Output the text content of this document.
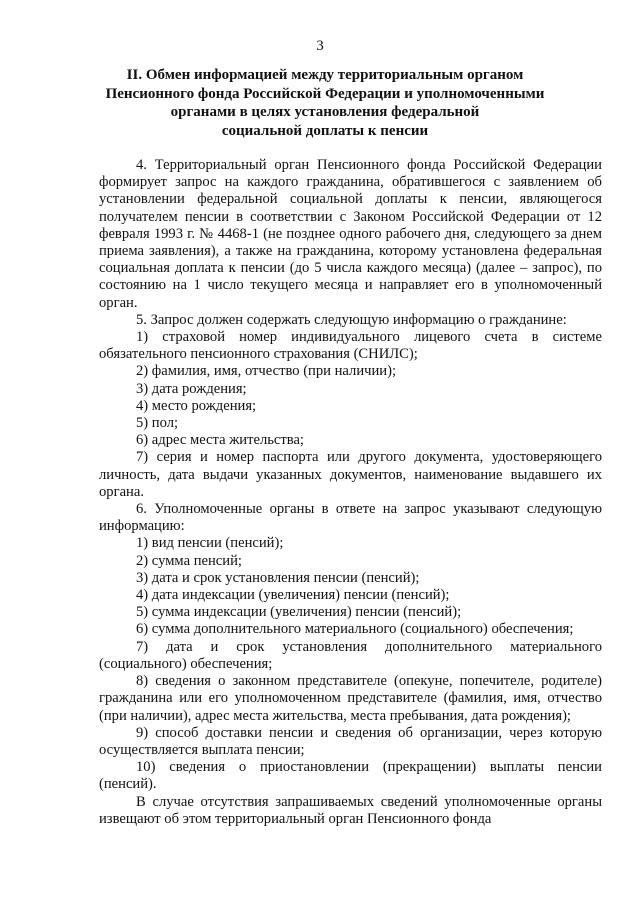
3
II. Обмен информацией между территориальным органом
Пенсионного фонда Российской Федерации и уполномоченными
органами в целях установления федеральной
социальной доплаты к пенсии

4. Территориальный орган Пенсионного фонда Российской Федерации формирует запрос на каждого гражданина, обратившегося с заявлением об установлении федеральной социальной доплаты к пенсии, являющегося получателем пенсии в соответствии с Законом Российской Федерации от 12 февраля 1993 г. № 4468-1 (не позднее одного рабочего дня, следующего за днем приема заявления), а также на гражданина, которому установлена федеральная социальная доплата к пенсии (до 5 числа каждого месяца) (далее – запрос), по состоянию на 1 число текущего месяца и направляет его в уполномоченный орган.

5. Запрос должен содержать следующую информацию о гражданине:

1) страховой номер индивидуального лицевого счета в системе обязательного пенсионного страхования (СНИЛС);

2) фамилия, имя, отчество (при наличии);

3) дата рождения;

4) место рождения;

5) пол;

6) адрес места жительства;

7) серия и номер паспорта или другого документа, удостоверяющего личность, дата выдачи указанных документов, наименование выдавшего их органа.

6. Уполномоченные органы в ответе на запрос указывают следующую информацию:

1) вид пенсии (пенсий);

2) сумма пенсий;

3) дата и срок установления пенсии (пенсий);

4) дата индексации (увеличения) пенсии (пенсий);

5) сумма индексации (увеличения) пенсии (пенсий);

6) сумма дополнительного материального (социального) обеспечения;

7) дата и срок установления дополнительного материального (социального) обеспечения;

8) сведения о законном представителе (опекуне, попечителе, родителе) гражданина или его уполномоченном представителе (фамилия, имя, отчество (при наличии), адрес места жительства, места пребывания, дата рождения);

9) способ доставки пенсии и сведения об организации, через которую осуществляется выплата пенсии;

10) сведения о приостановлении (прекращении) выплаты пенсии (пенсий).

В случае отсутствия запрашиваемых сведений уполномоченные органы извещают об этом территориальный орган Пенсионного фонда
